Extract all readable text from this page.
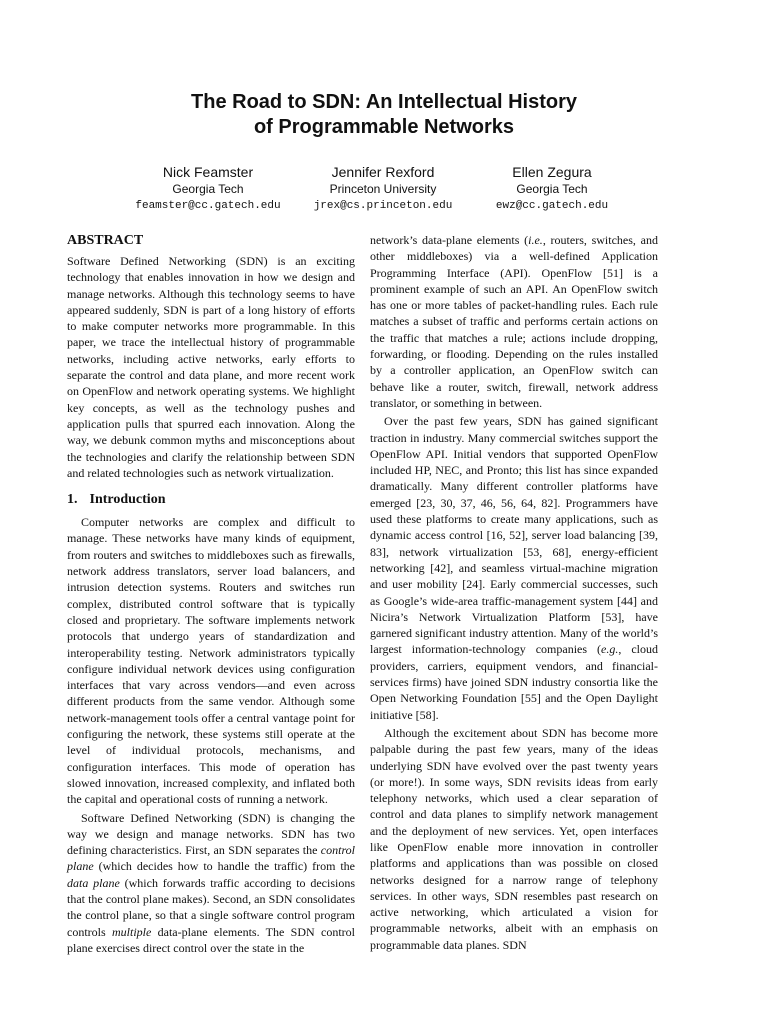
The Road to SDN: An Intellectual History
of Programmable Networks
Nick Feamster
Georgia Tech
feamster@cc.gatech.edu
Jennifer Rexford
Princeton University
jrex@cs.princeton.edu
Ellen Zegura
Georgia Tech
ewz@cc.gatech.edu
ABSTRACT

Software Defined Networking (SDN) is an exciting technology that enables innovation in how we design and manage networks. Although this technology seems to have appeared suddenly, SDN is part of a long history of efforts to make computer networks more programmable. In this paper, we trace the intellectual history of programmable networks, including active networks, early efforts to separate the control and data plane, and more recent work on OpenFlow and network operating systems. We highlight key concepts, as well as the technology pushes and application pulls that spurred each innovation. Along the way, we debunk common myths and misconceptions about the technologies and clarify the relationship between SDN and related technologies such as network virtualization.

1. Introduction

Computer networks are complex and difficult to manage. These networks have many kinds of equipment, from routers and switches to middleboxes such as firewalls, network address translators, server load balancers, and intrusion detection systems. Routers and switches run complex, distributed control software that is typically closed and proprietary. The software implements network protocols that undergo years of standardization and interoperability testing. Network administrators typically configure individual network devices using configuration interfaces that vary across vendors—and even across different products from the same vendor. Although some network-management tools offer a central vantage point for configuring the network, these systems still operate at the level of individual protocols, mechanisms, and configuration interfaces. This mode of operation has slowed innovation, increased complexity, and inflated both the capital and operational costs of running a network.

Software Defined Networking (SDN) is changing the way we design and manage networks. SDN has two defining characteristics. First, an SDN separates the control plane (which decides how to handle the traffic) from the data plane (which forwards traffic according to decisions that the control plane makes). Second, an SDN consolidates the control plane, so that a single software control program controls multiple data-plane elements. The SDN control plane exercises direct control over the state in the

network’s data-plane elements (i.e., routers, switches, and other middleboxes) via a well-defined Application Programming Interface (API). OpenFlow [51] is a prominent example of such an API. An OpenFlow switch has one or more tables of packet-handling rules. Each rule matches a subset of traffic and performs certain actions on the traffic that matches a rule; actions include dropping, forwarding, or flooding. Depending on the rules installed by a controller application, an OpenFlow switch can behave like a router, switch, firewall, network address translator, or something in between.

Over the past few years, SDN has gained significant traction in industry. Many commercial switches support the OpenFlow API. Initial vendors that supported OpenFlow included HP, NEC, and Pronto; this list has since expanded dramatically. Many different controller platforms have emerged [23, 30, 37, 46, 56, 64, 82]. Programmers have used these platforms to create many applications, such as dynamic access control [16, 52], server load balancing [39, 83], network virtualization [53, 68], energy-efficient networking [42], and seamless virtual-machine migration and user mobility [24]. Early commercial successes, such as Google’s wide-area traffic-management system [44] and Nicira’s Network Virtualization Platform [53], have garnered significant industry attention. Many of the world’s largest information-technology companies (e.g., cloud providers, carriers, equipment vendors, and financial-services firms) have joined SDN industry consortia like the Open Networking Foundation [55] and the Open Daylight initiative [58].

Although the excitement about SDN has become more palpable during the past few years, many of the ideas underlying SDN have evolved over the past twenty years (or more!). In some ways, SDN revisits ideas from early telephony networks, which used a clear separation of control and data planes to simplify network management and the deployment of new services. Yet, open interfaces like OpenFlow enable more innovation in controller platforms and applications than was possible on closed networks designed for a narrow range of telephony services. In other ways, SDN resembles past research on active networking, which articulated a vision for programmable networks, albeit with an emphasis on programmable data planes. SDN
